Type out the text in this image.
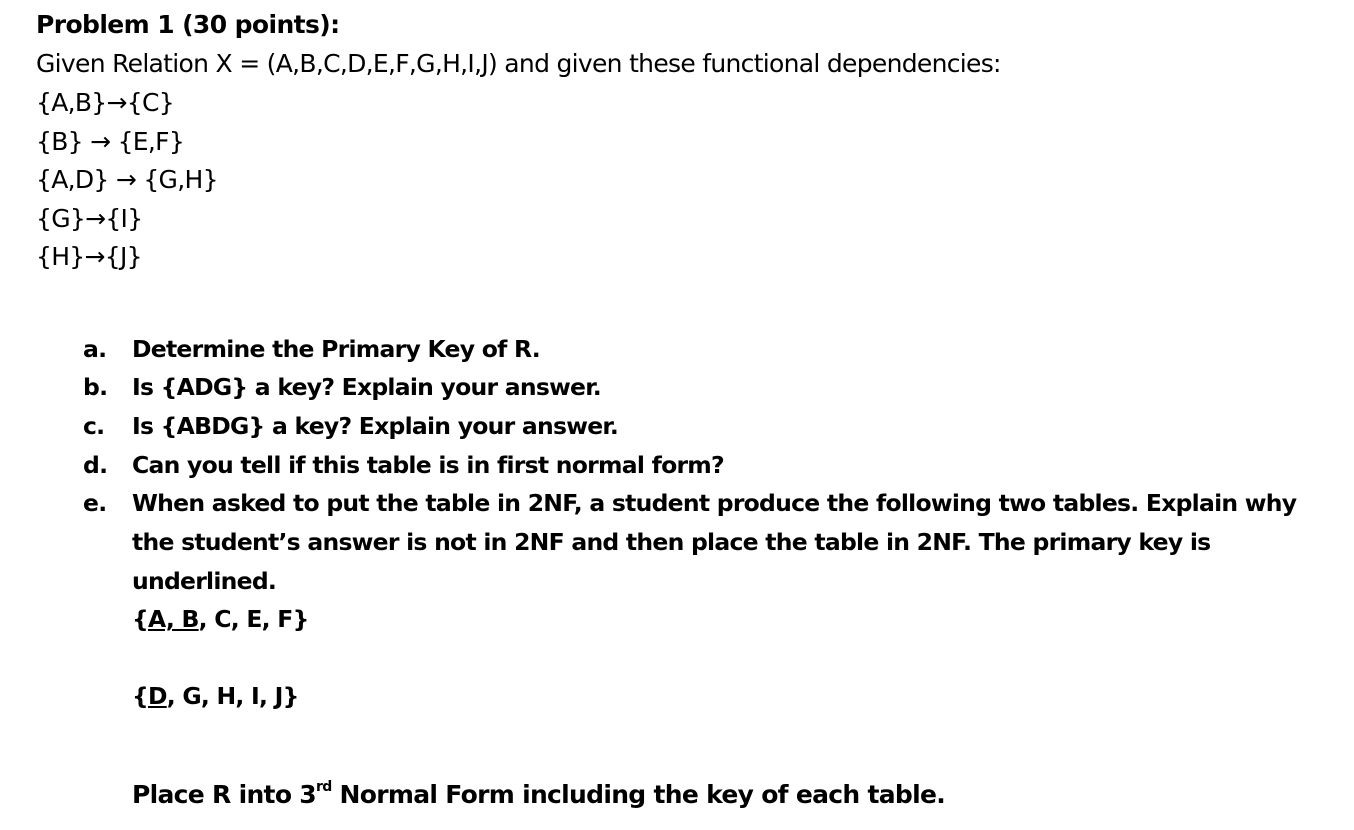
Problem 1 (30 points):
Given Relation X = (A,B,C,D,E,F,G,H,I,J) and given these functional dependencies:
{A,B}→{C}
{B} → {E,F}
{A,D} → {G,H}
{G}→{I}
{H}→{J}
a. Determine the Primary Key of R.
b. Is {ADG} a key? Explain your answer.
c. Is {ABDG} a key? Explain your answer.
d. Can you tell if this table is in first normal form?
e. When asked to put the table in 2NF, a student produce the following two tables. Explain why the student’s answer is not in 2NF and then place the table in 2NF. The primary key is underlined.
{A, B, C, E, F}
{D, G, H, I, J}
Place R into 3rd Normal Form including the key of each table.
